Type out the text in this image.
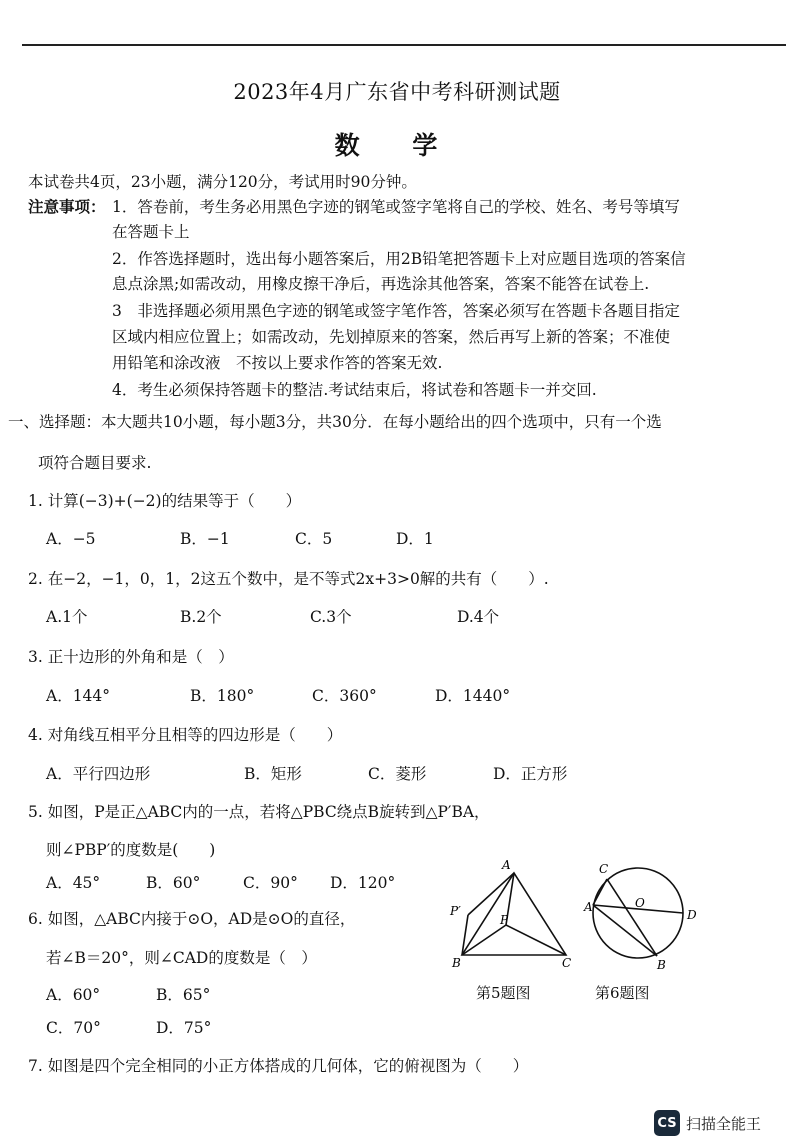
2023年4月广东省中考科研测试题
数 学
本试卷共4页，23小题，满分120分，考试用时90分钟。
注意事项： 1．答卷前，考生务必用黑色字迹的钢笔或签字笔将自己的学校、姓名、考号等填写
在答题卡上
2．作答选择题时，选出每小题答案后，用2B铅笔把答题卡上对应题目选项的答案信
息点涂黑;如需改动，用橡皮擦干净后，再选涂其他答案，答案不能答在试卷上.
3　非选择题必须用黑色字迹的钢笔或签字笔作答，答案必须写在答题卡各题目指定
区域内相应位置上；如需改动，先划掉原来的答案，然后再写上新的答案；不准使
用铅笔和涂改液　不按以上要求作答的答案无效.
4．考生必须保持答题卡的整洁.考试结束后，将试卷和答题卡一并交回.
一、选择题：本大题共10小题，每小题3分，共30分．在每小题给出的四个选项中，只有一个选
项符合题目要求.
1. 计算(−3)+(−2)的结果等于（　　）
A．−5	B．−1	C．5	D．1
2. 在−2，−1，0，1，2这五个数中，是不等式2x+3>0解的共有（　　）.
A.1个	B.2个	C.3个	D.4个
3. 正十边形的外角和是（　）
A．144°	B．180°	C．360°	D．1440°
4. 对角线互相平分且相等的四边形是（　　）
A．平行四边形	B．矩形	C．菱形	D．正方形
5. 如图，P是正△ABC内的一点，若将△PBC绕点B旋转到△P′BA，
则∠PBP′的度数是(　　)
A．45°	B．60°	C．90° D．120°
6. 如图，△ABC内接于⊙O，AD是⊙O的直径，
若∠B＝20°，则∠CAD的度数是（　）
A．60°	B．65°
C．70°	D．75°
7. 如图是四个完全相同的小正方体搭成的几何体，它的俯视图为（　　）
A
B	C
P
P′
C
A	O
D
B
第5题图	第6题图
CS 扫描全能王
